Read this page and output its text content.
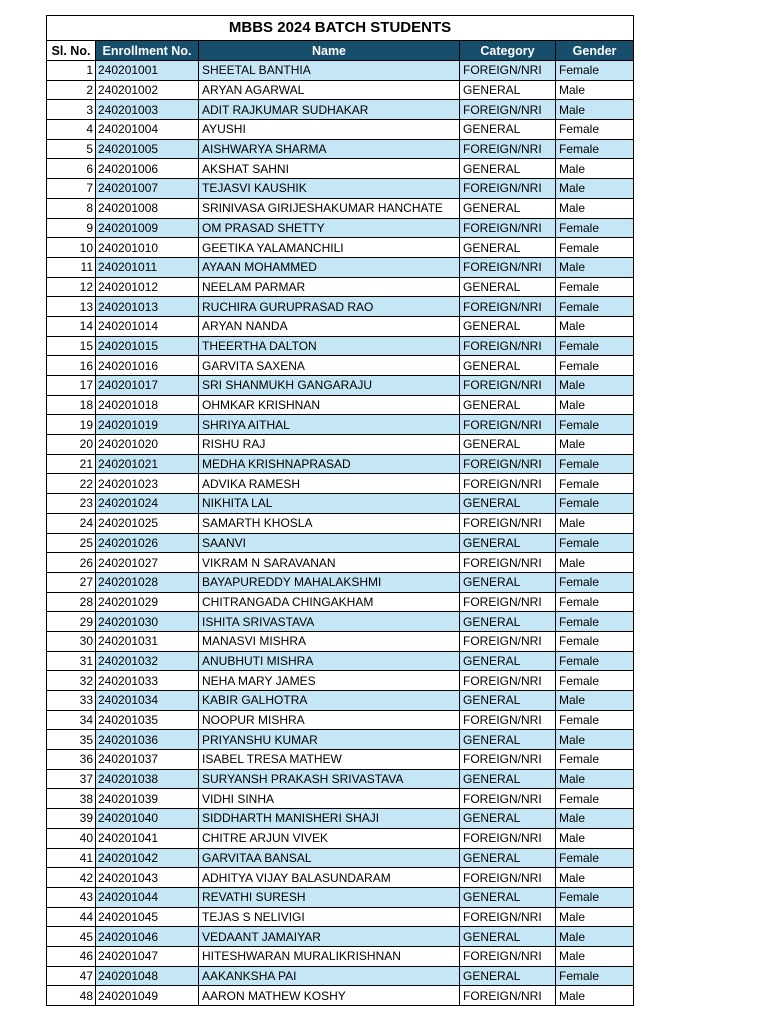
MBBS 2024 BATCH STUDENTS				
Sl. No.	Enrollment No.	Name	Category	Gender
1	240201001	SHEETAL BANTHIA	FOREIGN/NRI	Female
2	240201002	ARYAN AGARWAL	GENERAL	Male
3	240201003	ADIT RAJKUMAR SUDHAKAR	FOREIGN/NRI	Male
4	240201004	AYUSHI	GENERAL	Female
5	240201005	AISHWARYA SHARMA	FOREIGN/NRI	Female
6	240201006	AKSHAT SAHNI	GENERAL	Male
7	240201007	TEJASVI KAUSHIK	FOREIGN/NRI	Male
8	240201008	SRINIVASA GIRIJESHAKUMAR HANCHATE	GENERAL	Male
9	240201009	OM PRASAD SHETTY	FOREIGN/NRI	Female
10	240201010	GEETIKA YALAMANCHILI	GENERAL	Female
11	240201011	AYAAN MOHAMMED	FOREIGN/NRI	Male
12	240201012	NEELAM PARMAR	GENERAL	Female
13	240201013	RUCHIRA GURUPRASAD RAO	FOREIGN/NRI	Female
14	240201014	ARYAN NANDA	GENERAL	Male
15	240201015	THEERTHA DALTON	FOREIGN/NRI	Female
16	240201016	GARVITA SAXENA	GENERAL	Female
17	240201017	SRI SHANMUKH GANGARAJU	FOREIGN/NRI	Male
18	240201018	OHMKAR KRISHNAN	GENERAL	Male
19	240201019	SHRIYA AITHAL	FOREIGN/NRI	Female
20	240201020	RISHU RAJ	GENERAL	Male
21	240201021	MEDHA KRISHNAPRASAD	FOREIGN/NRI	Female
22	240201023	ADVIKA RAMESH	FOREIGN/NRI	Female
23	240201024	NIKHITA LAL	GENERAL	Female
24	240201025	SAMARTH KHOSLA	FOREIGN/NRI	Male
25	240201026	SAANVI	GENERAL	Female
26	240201027	VIKRAM N SARAVANAN	FOREIGN/NRI	Male
27	240201028	BAYAPUREDDY MAHALAKSHMI	GENERAL	Female
28	240201029	CHITRANGADA CHINGAKHAM	FOREIGN/NRI	Female
29	240201030	ISHITA SRIVASTAVA	GENERAL	Female
30	240201031	MANASVI MISHRA	FOREIGN/NRI	Female
31	240201032	ANUBHUTI MISHRA	GENERAL	Female
32	240201033	NEHA MARY JAMES	FOREIGN/NRI	Female
33	240201034	KABIR GALHOTRA	GENERAL	Male
34	240201035	NOOPUR MISHRA	FOREIGN/NRI	Female
35	240201036	PRIYANSHU KUMAR	GENERAL	Male
36	240201037	ISABEL TRESA MATHEW	FOREIGN/NRI	Female
37	240201038	SURYANSH PRAKASH SRIVASTAVA	GENERAL	Male
38	240201039	VIDHI SINHA	FOREIGN/NRI	Female
39	240201040	SIDDHARTH MANISHERI SHAJI	GENERAL	Male
40	240201041	CHITRE ARJUN VIVEK	FOREIGN/NRI	Male
41	240201042	GARVITAA BANSAL	GENERAL	Female
42	240201043	ADHITYA VIJAY BALASUNDARAM	FOREIGN/NRI	Male
43	240201044	REVATHI SURESH	GENERAL	Female
44	240201045	TEJAS S NELIVIGI	FOREIGN/NRI	Male
45	240201046	VEDAANT JAMAIYAR	GENERAL	Male
46	240201047	HITESHWARAN MURALIKRISHNAN	FOREIGN/NRI	Male
47	240201048	AAKANKSHA PAI	GENERAL	Female
48	240201049	AARON MATHEW KOSHY	FOREIGN/NRI	Male
